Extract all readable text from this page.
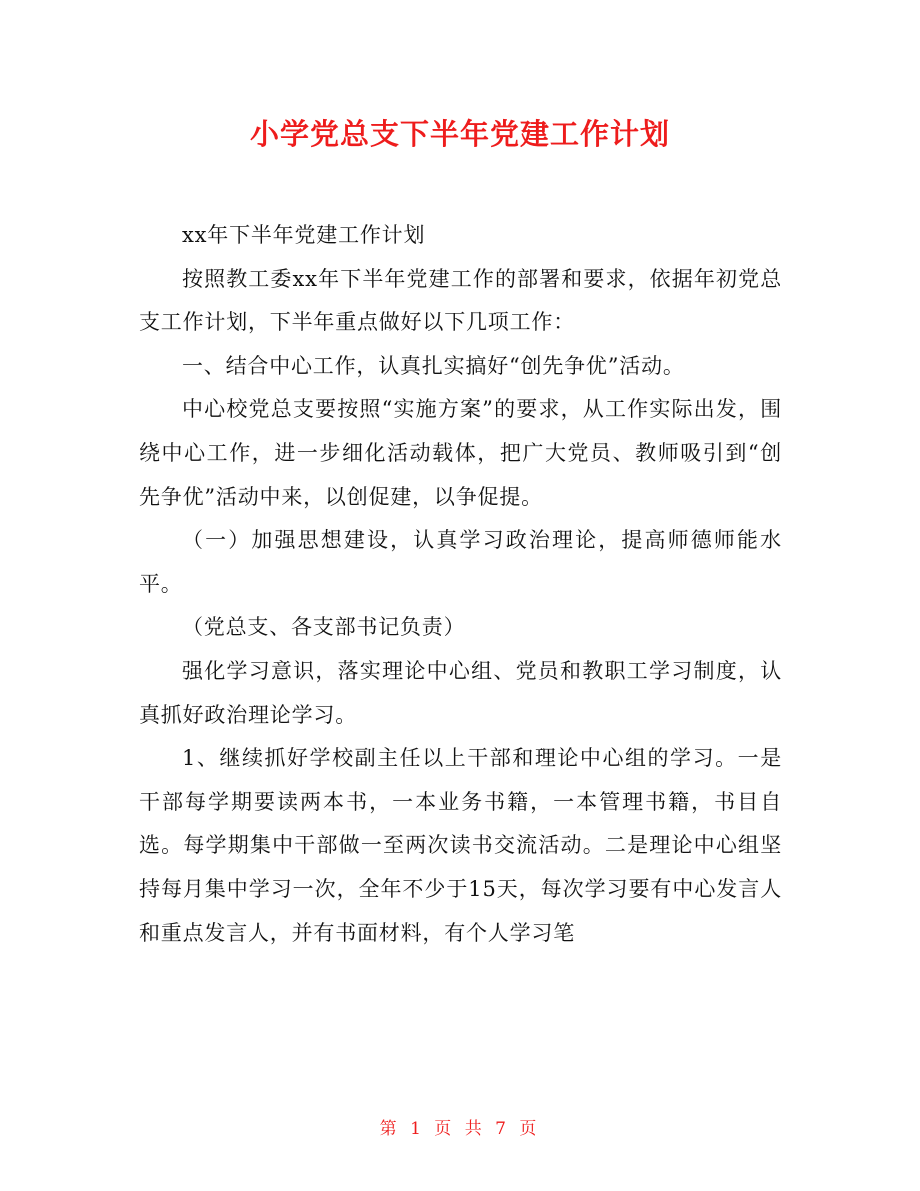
小学党总支下半年党建工作计划

xx年下半年党建工作计划

按照教工委xx年下半年党建工作的部署和要求，依据年初党总支工作计划，下半年重点做好以下几项工作：

一、结合中心工作，认真扎实搞好“创先争优”活动。

中心校党总支要按照“实施方案”的要求，从工作实际出发，围绕中心工作，进一步细化活动载体，把广大党员、教师吸引到“创先争优”活动中来，以创促建，以争促提。

（一）加强思想建设，认真学习政治理论，提高师德师能水平。

（党总支、各支部书记负责）

强化学习意识，落实理论中心组、党员和教职工学习制度，认真抓好政治理论学习。

1、继续抓好学校副主任以上干部和理论中心组的学习。一是干部每学期要读两本书，一本业务书籍，一本管理书籍，书目自选。每学期集中干部做一至两次读书交流活动。二是理论中心组坚持每月集中学习一次，全年不少于15天，每次学习要有中心发言人和重点发言人，并有书面材料，有个人学习笔

第 1 页 共 7 页
